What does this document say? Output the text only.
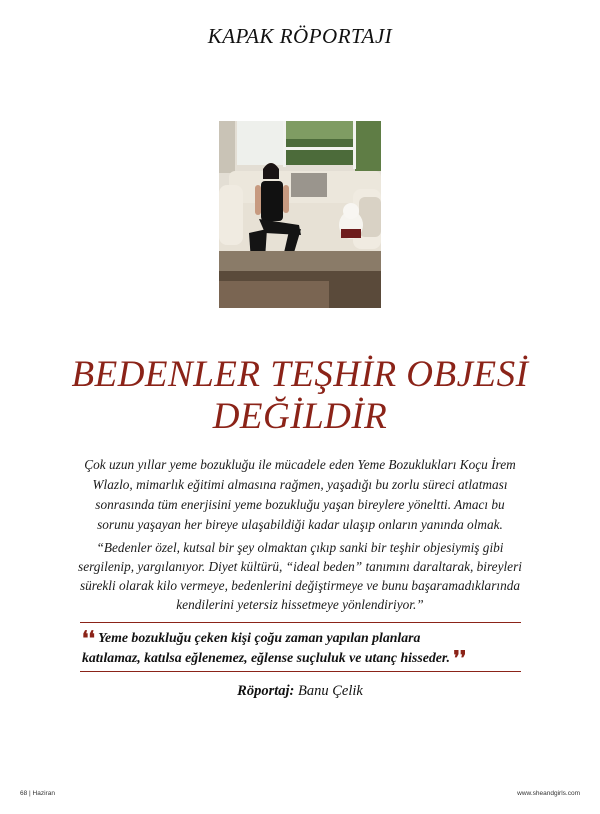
KAPAK RÖPORTAJI
BEDENLER TEŞHİR OBJESİ
DEĞİLDİR
Çok uzun yıllar yeme bozukluğu ile mücadele eden Yeme Bozuklukları Koçu İrem
Wlazlo, mimarlık eğitimi almasına rağmen, yaşadığı bu zorlu süreci atlatması
sonrasında tüm enerjisini yeme bozukluğu yaşan bireylere yöneltti. Amacı bu
sorunu yaşayan her bireye ulaşabildiği kadar ulaşıp onların yanında olmak.
“Bedenler özel, kutsal bir şey olmaktan çıkıp sanki bir teşhir objesiymiş gibi
sergilenip, yargılanıyor. Diyet kültürü, “ideal beden” tanımını daraltarak, bireyleri
sürekli olarak kilo vermeye, bedenlerini değiştirmeye ve bunu başaramadıklarında
kendilerini yetersiz hissetmeye yönlendiriyor.”
❛❛ Yeme bozukluğu çeken kişi çoğu zaman yapılan planlara
katılamaz, katılsa eğlenemez, eğlense suçluluk ve utanç hisseder. ❜❜
Röportaj: Banu Çelik
68 | Haziran	www.sheandgirls.com
